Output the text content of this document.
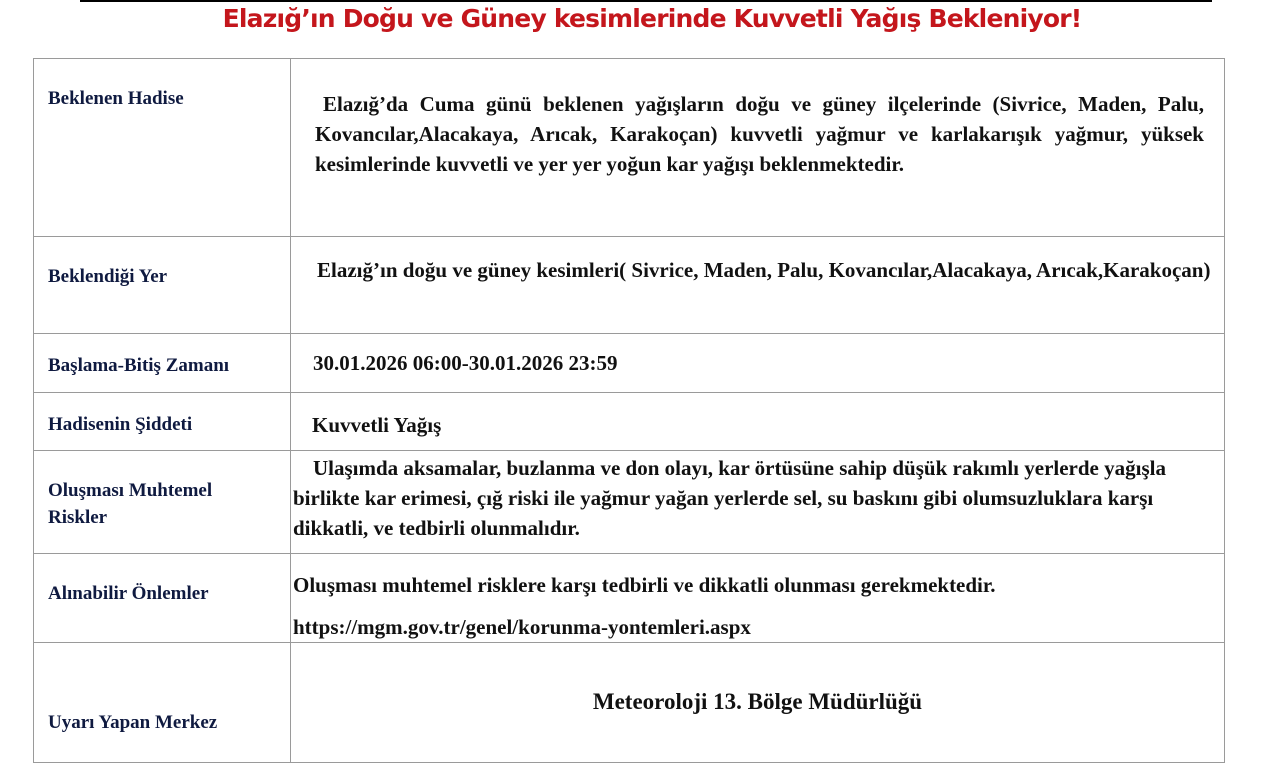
Elazığ’ın Doğu ve Güney kesimlerinde Kuvvetli Yağış Bekleniyor!
Beklenen Hadise	Elazığ’da Cuma günü beklenen yağışların doğu ve güney ilçelerinde (Sivrice, Maden, Palu, Kovancılar,Alacakaya, Arıcak, Karakoçan) kuvvetli yağmur ve karlakarışık yağmur, yüksek kesimlerinde kuvvetli ve yer yer yoğun kar yağışı beklenmektedir.

Beklendiği Yer	Elazığ’ın doğu ve güney kesimleri( Sivrice, Maden, Palu, Kovancılar,Alacakaya, Arıcak,Karakoçan)

Başlama-Bitiş Zamanı	30.01.2026 06:00-30.01.2026 23:59

Hadisenin Şiddeti	Kuvvetli Yağış

Oluşması Muhtemel Riskler	Ulaşımda aksamalar, buzlanma ve don olayı, kar örtüsüne sahip düşük rakımlı yerlerde yağışla birlikte kar erimesi, çığ riski ile yağmur yağan yerlerde sel, su baskını gibi olumsuzluklara karşı dikkatli, ve tedbirli olunmalıdır.

Alınabilir Önlemler	Oluşması muhtemel risklere karşı tedbirli ve dikkatli olunması gerekmektedir.

https://mgm.gov.tr/genel/korunma-yontemleri.aspx

Uyarı Yapan Merkez	Meteoroloji 13. Bölge Müdürlüğü
